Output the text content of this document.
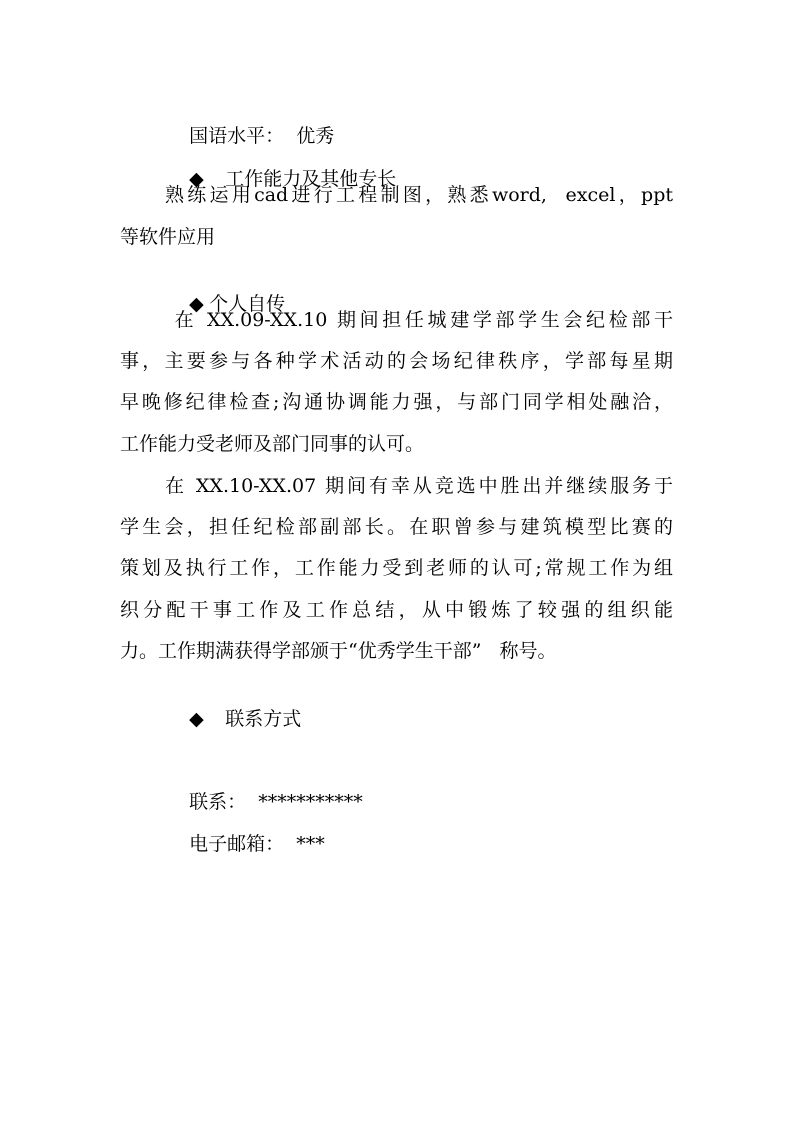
国语水平： 优秀

◆ 工作能力及其他专长

熟练运用cad进行工程制图，熟悉word,  excel，ppt
等软件应用

◆ 个人自传

在 XX.09-XX.10 期间担任城建学部学生会纪检部干
事，主要参与各种学术活动的会场纪律秩序，学部每星期
早晚修纪律检查;沟通协调能力强，与部门同学相处融洽，
工作能力受老师及部门同事的认可。
在 XX.10-XX.07 期间有幸从竞选中胜出并继续服务于
学生会，担任纪检部副部长。在职曾参与建筑模型比赛的
策划及执行工作，工作能力受到老师的认可;常规工作为组
织分配干事工作及工作总结，从中锻炼了较强的组织能
力。工作期满获得学部颁于“优秀学生干部”   称号。

◆ 联系方式

联系： ***********

电子邮箱： ***
